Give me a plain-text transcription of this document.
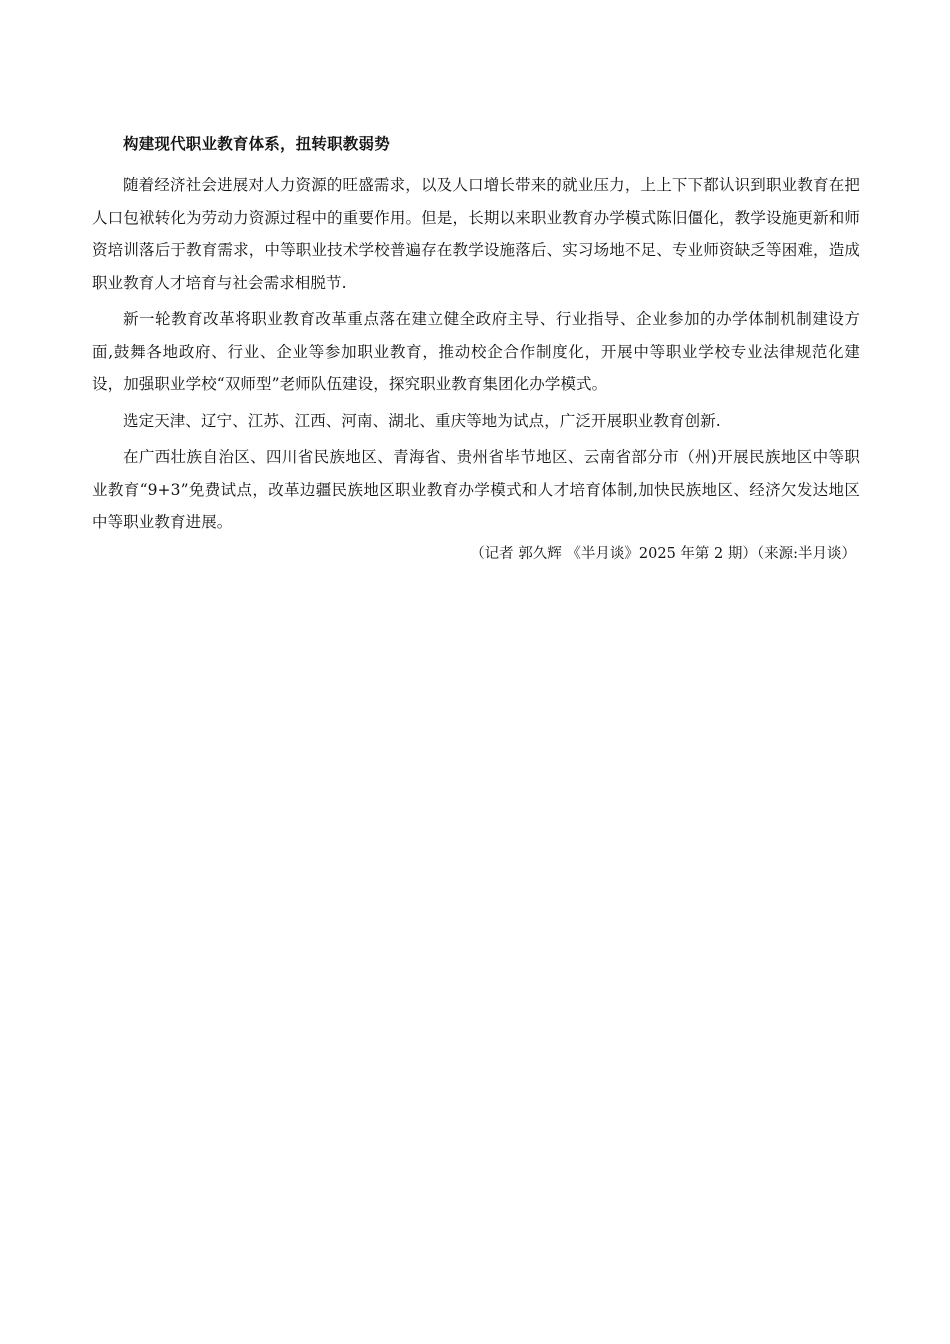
构建现代职业教育体系，扭转职教弱势

随着经济社会进展对人力资源的旺盛需求，以及人口增长带来的就业压力，上上下下都认识到职业教育在把人口包袱转化为劳动力资源过程中的重要作用。但是，长期以来职业教育办学模式陈旧僵化，教学设施更新和师资培训落后于教育需求，中等职业技术学校普遍存在教学设施落后、实习场地不足、专业师资缺乏等困难，造成职业教育人才培育与社会需求相脱节.

新一轮教育改革将职业教育改革重点落在建立健全政府主导、行业指导、企业参加的办学体制机制建设方面,鼓舞各地政府、行业、企业等参加职业教育，推动校企合作制度化，开展中等职业学校专业法律规范化建设，加强职业学校“双师型”老师队伍建设，探究职业教育集团化办学模式。

选定天津、辽宁、江苏、江西、河南、湖北、重庆等地为试点，广泛开展职业教育创新.

在广西壮族自治区、四川省民族地区、青海省、贵州省毕节地区、云南省部分市（州)开展民族地区中等职业教育“9+3”免费试点，改革边疆民族地区职业教育办学模式和人才培育体制,加快民族地区、经济欠发达地区中等职业教育进展。

（记者 郭久辉 《半月谈》2025 年第 2 期）（来源:半月谈）
